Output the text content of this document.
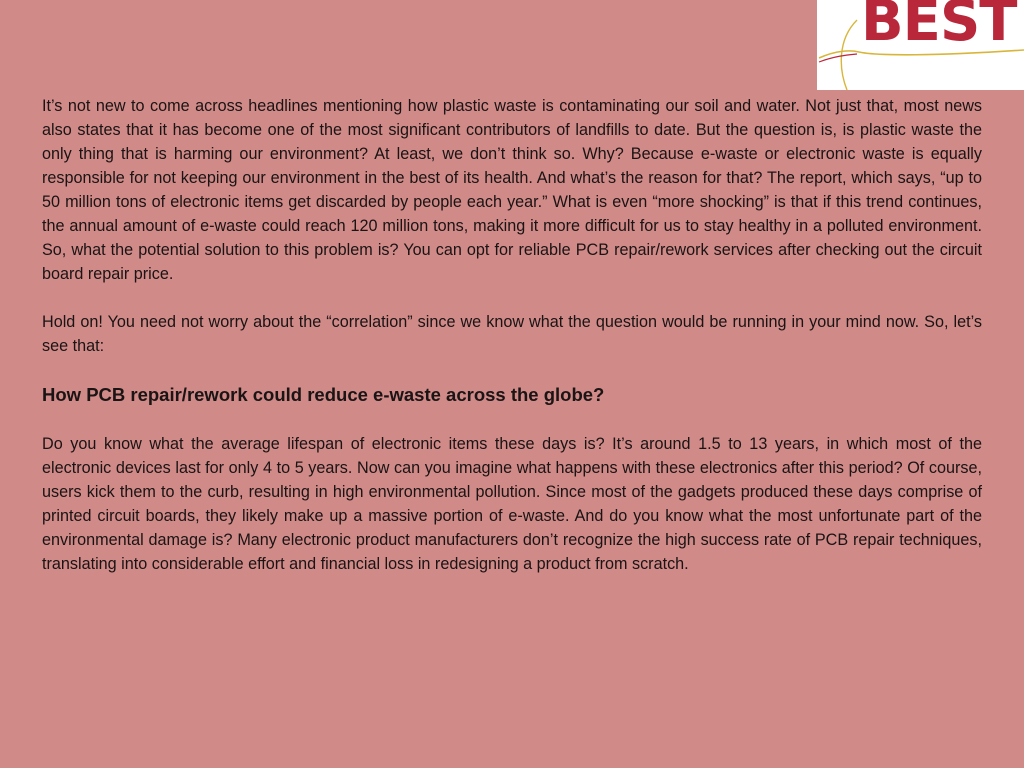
BEST

It’s not new to come across headlines mentioning how plastic waste is contaminating our soil and water. Not just that, most news also states that it has become one of the most significant contributors of landfills to date. But the question is, is plastic waste the only thing that is harming our environment? At least, we don’t think so. Why? Because e-waste or electronic waste is equally responsible for not keeping our environment in the best of its health. And what’s the reason for that? The report, which says, “up to 50 million tons of electronic items get discarded by people each year.” What is even “more shocking” is that if this trend continues, the annual amount of e-waste could reach 120 million tons, making it more difficult for us to stay healthy in a polluted environment. So, what the potential solution to this problem is? You can opt for reliable PCB repair/rework services after checking out the circuit board repair price.

Hold on! You need not worry about the “correlation” since we know what the question would be running in your mind now. So, let’s see that:

How PCB repair/rework could reduce e-waste across the globe?

Do you know what the average lifespan of electronic items these days is? It’s around 1.5 to 13 years, in which most of the electronic devices last for only 4 to 5 years. Now can you imagine what happens with these electronics after this period? Of course, users kick them to the curb, resulting in high environmental pollution. Since most of the gadgets produced these days comprise of printed circuit boards, they likely make up a massive portion of e-waste. And do you know what the most unfortunate part of the environmental damage is? Many electronic product manufacturers don’t recognize the high success rate of PCB repair techniques, translating into considerable effort and financial loss in redesigning a product from scratch.
